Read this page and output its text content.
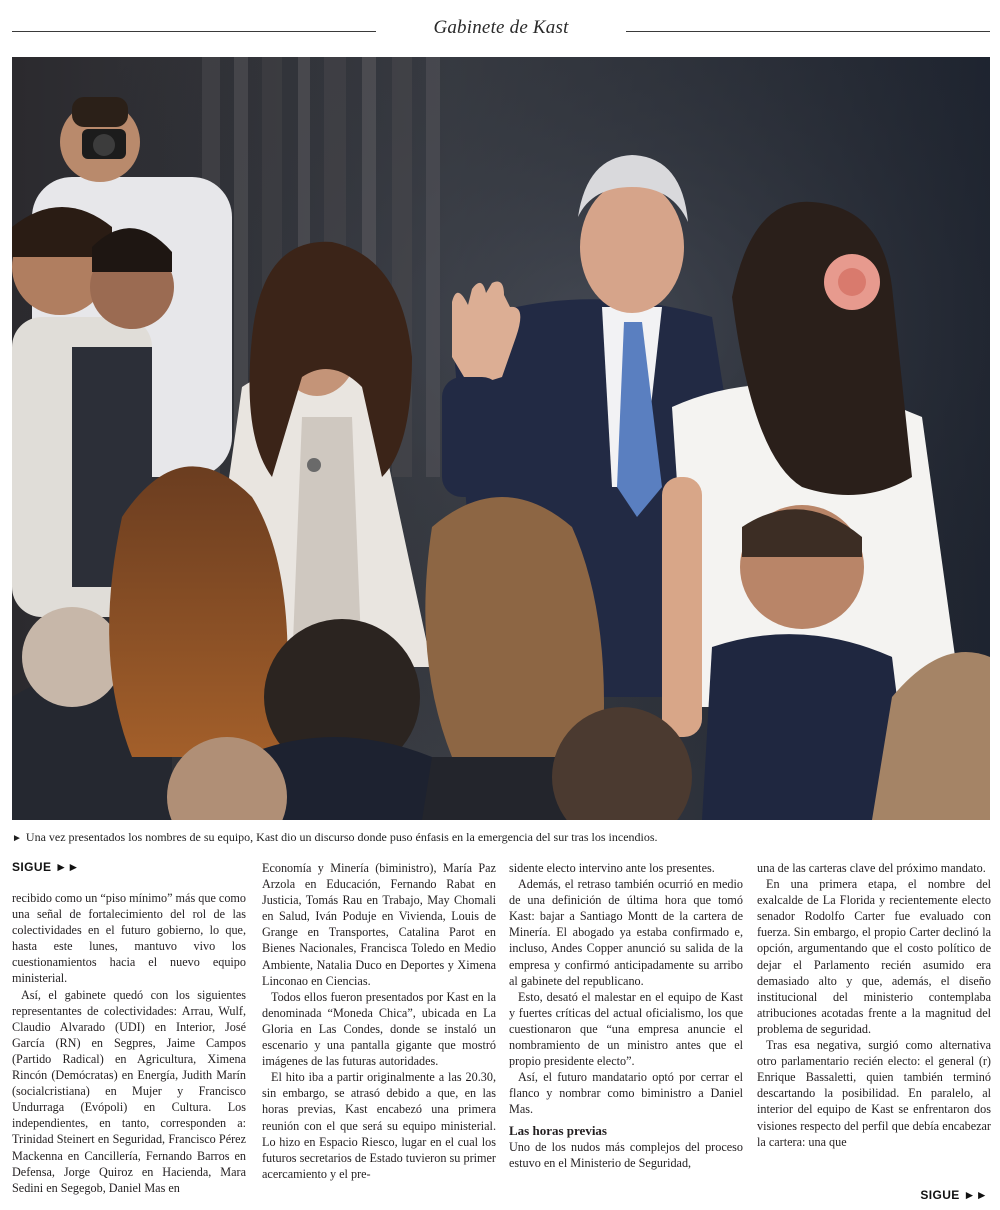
Gabinete de Kast
► Una vez presentados los nombres de su equipo, Kast dio un discurso donde puso énfasis en la emergencia del sur tras los incendios.
SIGUE ►►

recibido como un “piso mínimo” más que como una señal de fortalecimiento del rol de las colectividades en el futuro gobierno, lo que, hasta este lunes, mantuvo vivo los cuestionamientos hacia el nuevo equipo ministerial.

Así, el gabinete quedó con los siguientes representantes de colectividades: Arrau, Wulf, Claudio Alvarado (UDI) en Interior, José García (RN) en Segpres, Jaime Campos (Partido Radical) en Agricultura, Ximena Rincón (Demócratas) en Energía, Judith Marín (socialcristiana) en Mujer y Francisco Undurraga (Evópoli) en Cultura. Los independientes, en tanto, corresponden a: Trinidad Steinert en Seguridad, Francisco Pérez Mackenna en Cancillería, Fernando Barros en Defensa, Jorge Quiroz en Hacienda, Mara Sedini en Segegob, Daniel Mas en

Economía y Minería (biministro), María Paz Arzola en Educación, Fernando Rabat en Justicia, Tomás Rau en Trabajo, May Chomali en Salud, Iván Poduje en Vivienda, Louis de Grange en Transportes, Catalina Parot en Bienes Nacionales, Francisca Toledo en Medio Ambiente, Natalia Duco en Deportes y Ximena Linconao en Ciencias.

Todos ellos fueron presentados por Kast en la denominada “Moneda Chica”, ubicada en La Gloria en Las Condes, donde se instaló un escenario y una pantalla gigante que mostró imágenes de las futuras autoridades.

El hito iba a partir originalmente a las 20.30, sin embargo, se atrasó debido a que, en las horas previas, Kast encabezó una primera reunión con el que será su equipo ministerial. Lo hizo en Espacio Riesco, lugar en el cual los futuros secretarios de Estado tuvieron su primer acercamiento y el pre-

sidente electo intervino ante los presentes.

Además, el retraso también ocurrió en medio de una definición de última hora que tomó Kast: bajar a Santiago Montt de la cartera de Minería. El abogado ya estaba confirmado e, incluso, Andes Copper anunció su salida de la empresa y confirmó anticipadamente su arribo al gabinete del republicano.

Esto, desató el malestar en el equipo de Kast y fuertes críticas del actual oficialismo, los que cuestionaron que “una empresa anuncie el nombramiento de un ministro antes que el propio presidente electo”.

Así, el futuro mandatario optó por cerrar el flanco y nombrar como biministro a Daniel Mas.

Las horas previas

Uno de los nudos más complejos del proceso estuvo en el Ministerio de Seguridad,

una de las carteras clave del próximo mandato.

En una primera etapa, el nombre del exalcalde de La Florida y recientemente electo senador Rodolfo Carter fue evaluado con fuerza. Sin embargo, el propio Carter declinó la opción, argumentando que el costo político de dejar el Parlamento recién asumido era demasiado alto y que, además, el diseño institucional del ministerio contemplaba atribuciones acotadas frente a la magnitud del problema de seguridad.

Tras esa negativa, surgió como alternativa otro parlamentario recién electo: el general (r) Enrique Bassaletti, quien también terminó descartando la posibilidad. En paralelo, al interior del equipo de Kast se enfrentaron dos visiones respecto del perfil que debía encabezar la cartera: una que

SIGUE ►►
